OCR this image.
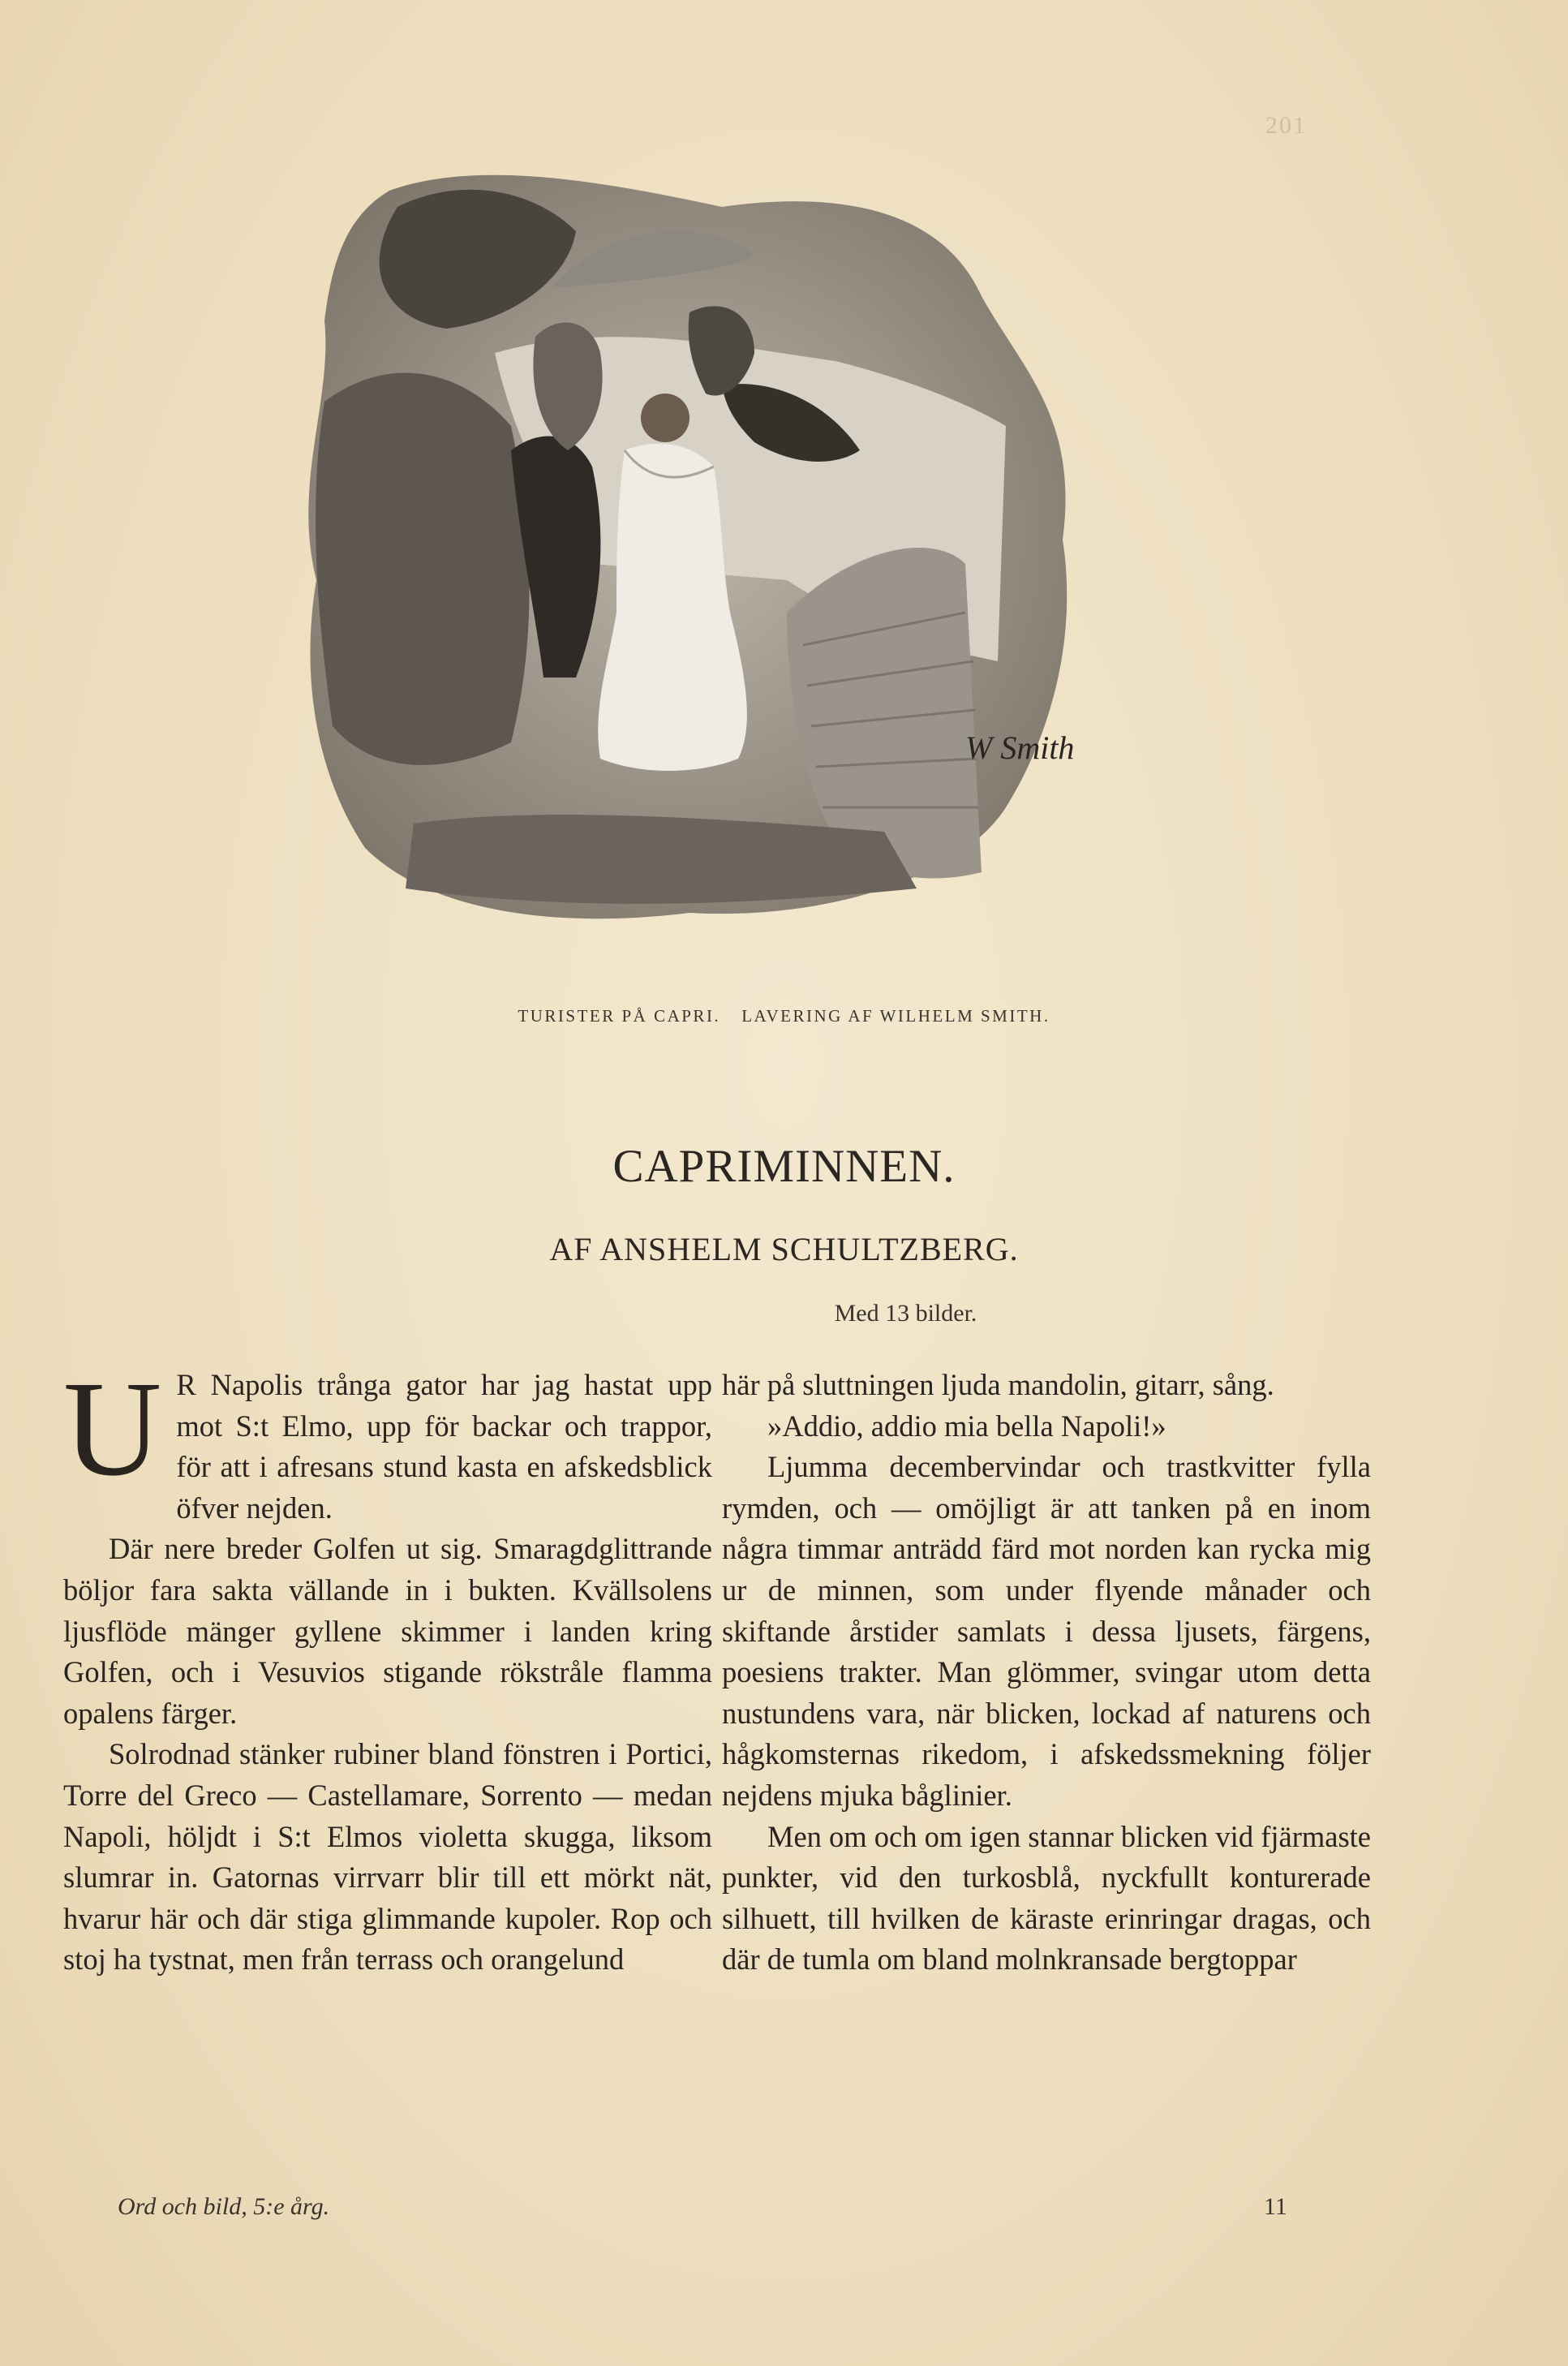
201
W Smith
TURISTER PÅ CAPRI. LAVERING AF WILHELM SMITH.
CAPRIMINNEN.
AF ANSHELM SCHULTZBERG.
Med 13 bilder.

U R Napolis trånga gator har jag hastat upp mot S:t Elmo, upp för backar och trappor, för att i afresans stund kasta en afskedsblick öfver nejden.

Där nere breder Golfen ut sig. Smaragdglittrande böljor fara sakta vällande in i bukten. Kvällsolens ljusflöde mänger gyllene skimmer i landen kring Golfen, och i Vesuvios stigande rökstråle flamma opalens färger.

Solrodnad stänker rubiner bland fönstren i Portici, Torre del Greco — Castellamare, Sorrento — medan Napoli, höljdt i S:t Elmos violetta skugga, liksom slumrar in. Gatornas virrvarr blir till ett mörkt nät, hvarur här och där stiga glimmande kupoler. Rop och stoj ha tystnat, men från terrass och orangelund

här på sluttningen ljuda mandolin, gitarr, sång.

»Addio, addio mia bella Napoli!»

Ljumma decembervindar och trastkvitter fylla rymden, och — omöjligt är att tanken på en inom några timmar anträdd färd mot norden kan rycka mig ur de minnen, som under flyende månader och skiftande årstider samlats i dessa ljusets, färgens, poesiens trakter. Man glömmer, svingar utom detta nustundens vara, när blicken, lockad af naturens och hågkomsternas rikedom, i afskedssmekning följer nejdens mjuka båglinier.

Men om och om igen stannar blicken vid fjärmaste punkter, vid den turkosblå, nyckfullt konturerade silhuett, till hvilken de käraste erinringar dragas, och där de tumla om bland molnkransade bergtoppar

Ord och bild, 5:e årg.	11
